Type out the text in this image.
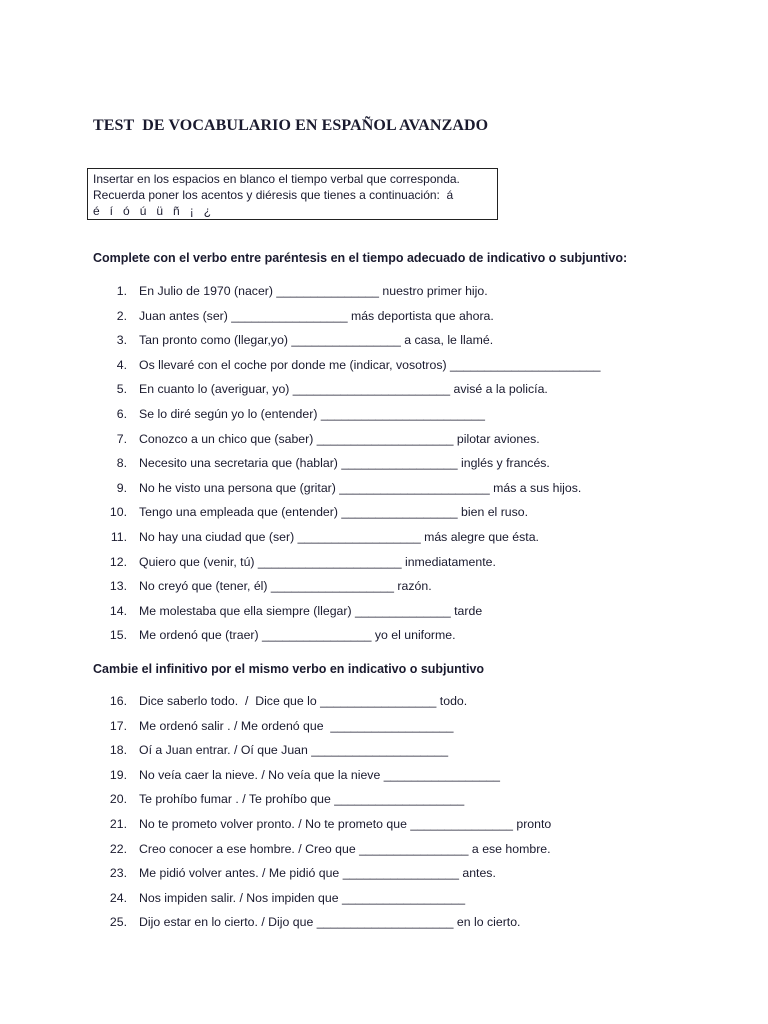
TEST  DE VOCABULARIO EN ESPAÑOL AVANZADO
Insertar en los espacios en blanco el tiempo verbal que corresponda.
Recuerda poner los acentos y diéresis que tienes a continuación:  á
é   í   ó   ú   ü   ñ   ¡   ¿
Complete con el verbo entre paréntesis en el tiempo adecuado de indicativo o subjuntivo:
1. En Julio de 1970 (nacer) _______________ nuestro primer hijo.
2. Juan antes (ser) _________________ más deportista que ahora.
3. Tan pronto como (llegar,yo) ________________ a casa, le llamé.
4. Os llevaré con el coche por donde me (indicar, vosotros) ______________________
5. En cuanto lo (averiguar, yo) _______________________ avisé a la policía.
6. Se lo diré según yo lo (entender) ________________________
7. Conozco a un chico que (saber) ____________________ pilotar aviones.
8. Necesito una secretaria que (hablar) _________________ inglés y francés.
9. No he visto una persona que (gritar) ______________________ más a sus hijos.
10. Tengo una empleada que (entender) _________________ bien el ruso.
11. No hay una ciudad que (ser) __________________ más alegre que ésta.
12. Quiero que (venir, tú) _____________________ inmediatamente.
13. No creyó que (tener, él) __________________ razón.
14. Me molestaba que ella siempre (llegar) ______________ tarde
15. Me ordenó que (traer) ________________ yo el uniforme.
Cambie el infinitivo por el mismo verbo en indicativo o subjuntivo
16. Dice saberlo todo.  /  Dice que lo _________________ todo.
17. Me ordenó salir . / Me ordenó que  __________________
18. Oí a Juan entrar. / Oí que Juan ____________________
19. No veía caer la nieve. / No veía que la nieve _________________
20. Te prohíbo fumar . / Te prohíbo que ___________________
21. No te prometo volver pronto. / No te prometo que _______________ pronto
22. Creo conocer a ese hombre. / Creo que ________________ a ese hombre.
23. Me pidió volver antes. / Me pidió que _________________ antes.
24. Nos impiden salir. / Nos impiden que __________________
25. Dijo estar en lo cierto. / Dijo que ____________________ en lo cierto.
